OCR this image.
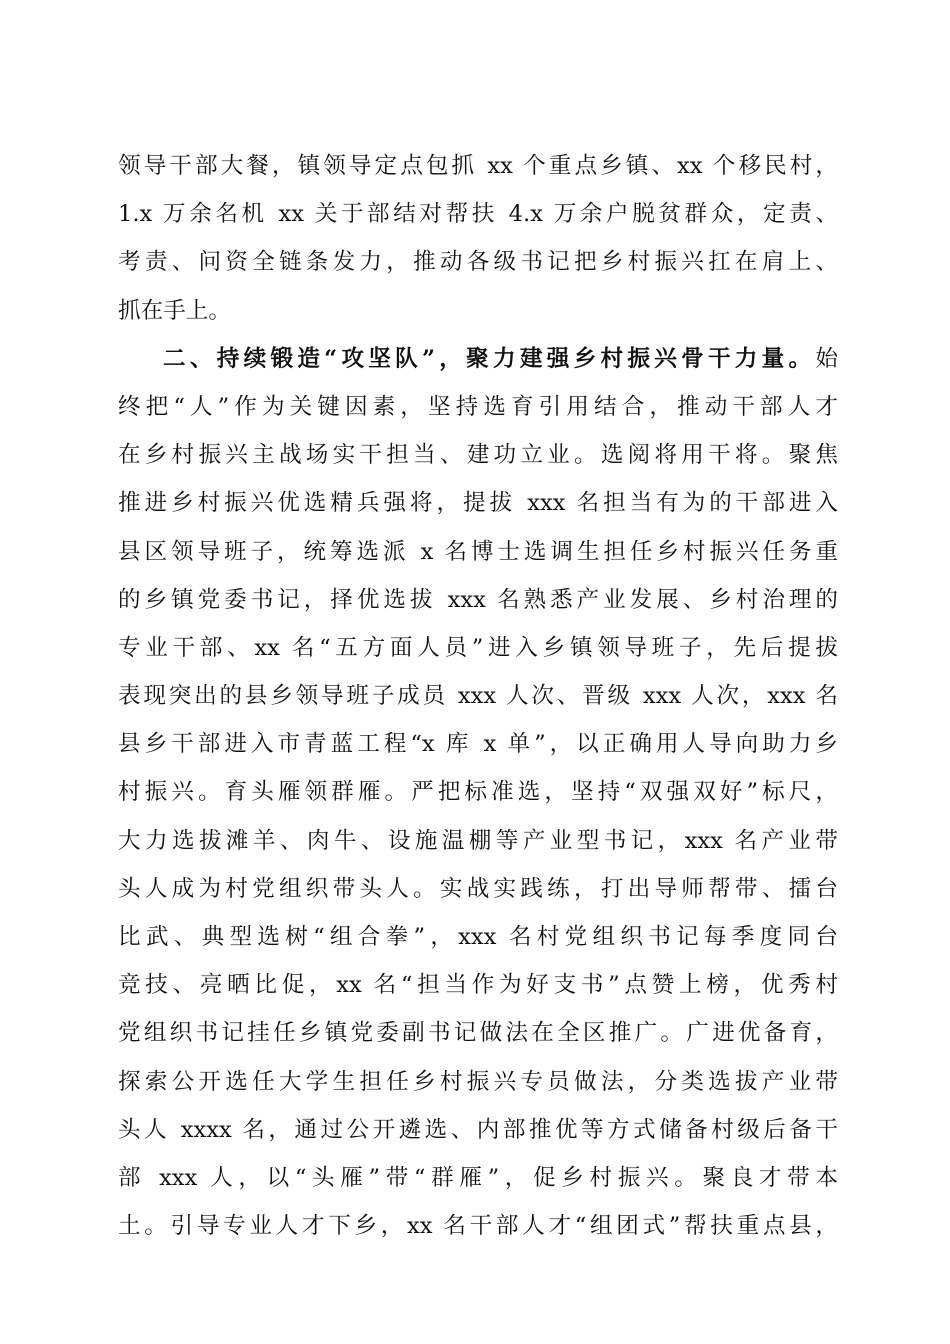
领导干部大餐，镇领导定点包抓 xx 个重点乡镇、xx 个移民村，
1.x 万余名机 xx 关于部结对帮扶 4.x 万余户脱贫群众，定责、
考责、问资全链条发力，推动各级书记把乡村振兴扛在肩上、
抓在手上。
二、持续锻造“攻坚队”，聚力建强乡村振兴骨干力量。始
终把“人”作为关键因素，坚持选育引用结合，推动干部人才
在乡村振兴主战场实干担当、建功立业。选阅将用干将。聚焦
推进乡村振兴优选精兵强将，提拔 xxx 名担当有为的干部进入
县区领导班子，统筹选派 x 名博士选调生担任乡村振兴任务重
的乡镇党委书记，择优选拔 xxx 名熟悉产业发展、乡村治理的
专业干部、xx 名“五方面人员”进入乡镇领导班子，先后提拔
表现突出的县乡领导班子成员 xxx 人次、晋级 xxx 人次，xxx 名
县乡干部进入市青蓝工程“x 库 x 单”，以正确用人导向助力乡
村振兴。育头雁领群雁。严把标准选，坚持“双强双好”标尺，
大力选拔滩羊、肉牛、设施温棚等产业型书记，xxx 名产业带
头人成为村党组织带头人。实战实践练，打出导师帮带、擂台
比武、典型选树“组合拳”，xxx 名村党组织书记每季度同台
竞技、亮晒比促，xx 名“担当作为好支书”点赞上榜，优秀村
党组织书记挂任乡镇党委副书记做法在全区推广。广进优备育，
探索公开选任大学生担任乡村振兴专员做法，分类选拔产业带
头人 xxxx 名，通过公开遴选、内部推优等方式储备村级后备干
部 xxx 人，以“头雁”带“群雁”，促乡村振兴。聚良才带本
土。引导专业人才下乡，xx 名干部人才“组团式”帮扶重点县，
